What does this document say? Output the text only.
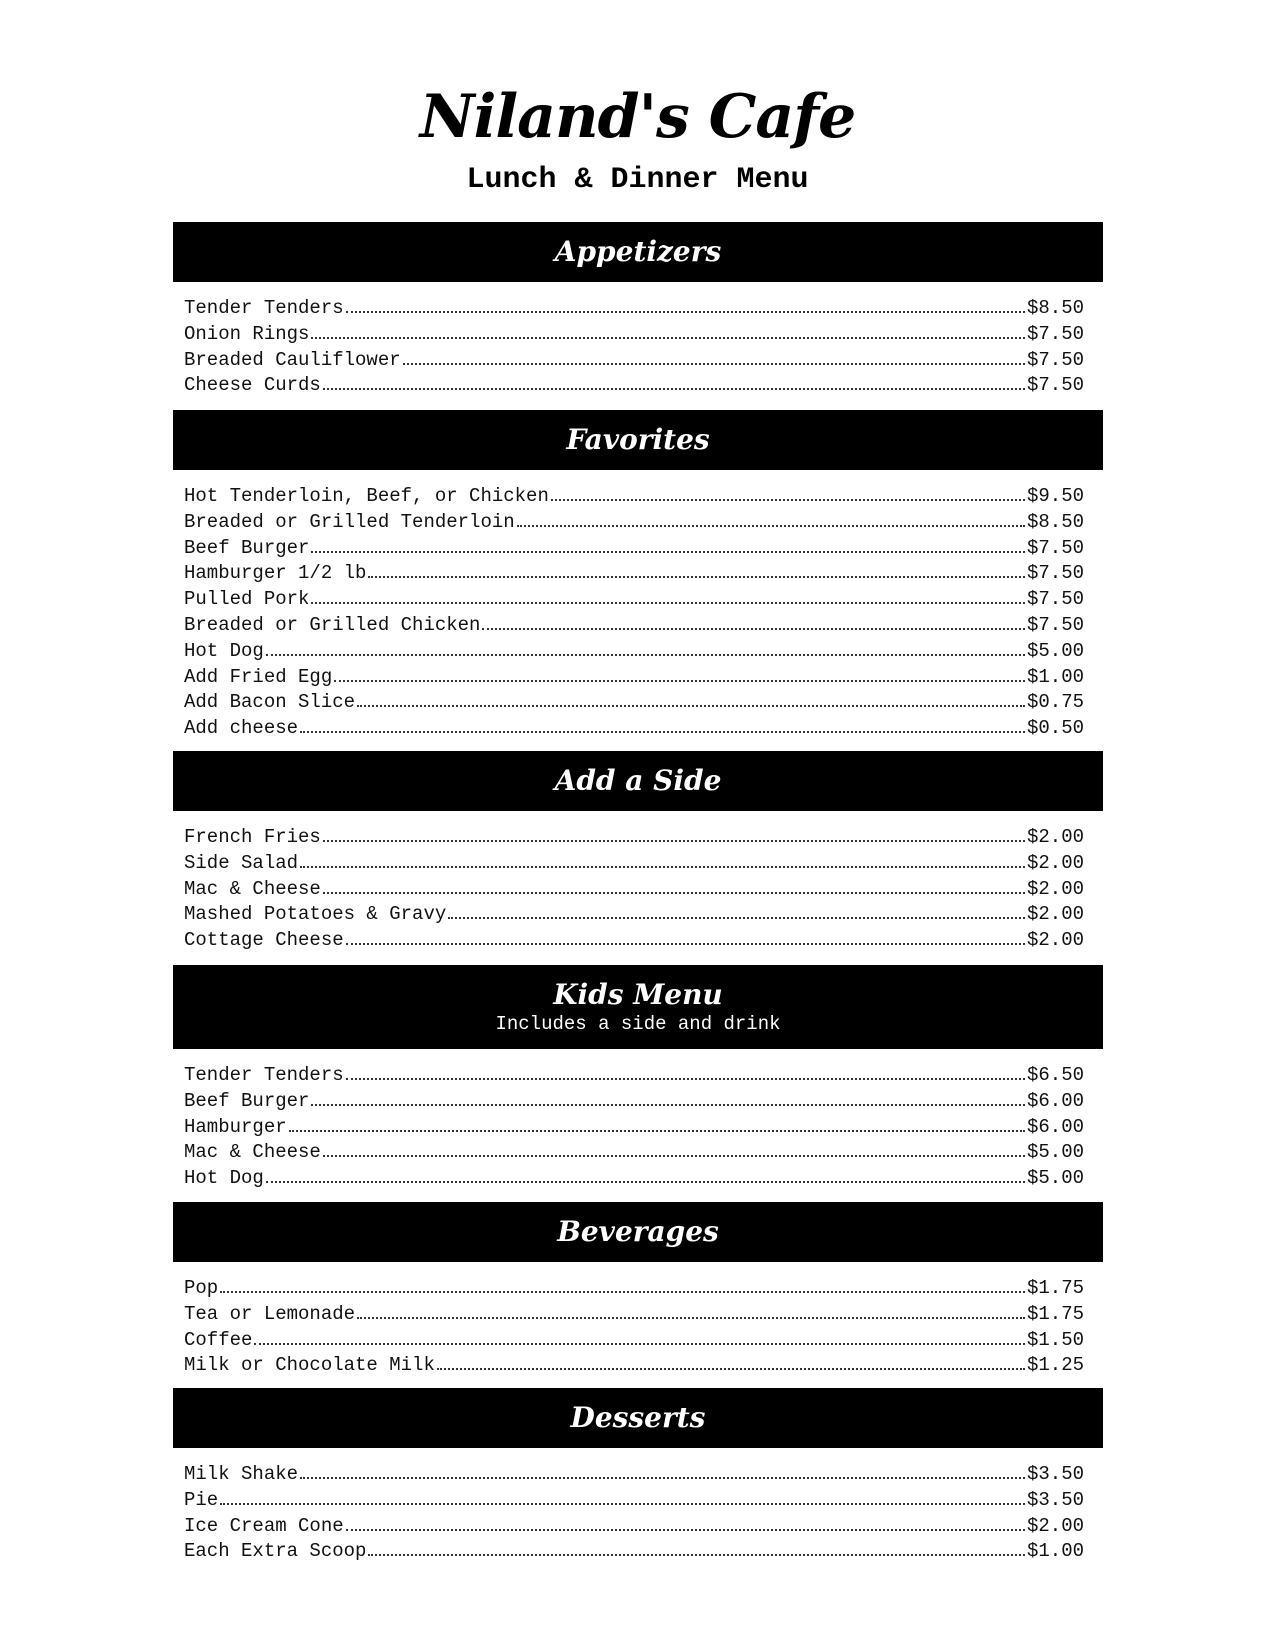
Niland's Cafe
Lunch & Dinner Menu
Appetizers
Tender Tenders	$8.50
Onion Rings	$7.50
Breaded Cauliflower	$7.50
Cheese Curds	$7.50
Favorites
Hot Tenderloin, Beef, or Chicken	$9.50
Breaded or Grilled Tenderloin	$8.50
Beef Burger	$7.50
Hamburger 1/2 lb	$7.50
Pulled Pork	$7.50
Breaded or Grilled Chicken	$7.50
Hot Dog	$5.00
Add Fried Egg	$1.00
Add Bacon Slice	$0.75
Add cheese	$0.50
Add a Side
French Fries	$2.00
Side Salad	$2.00
Mac & Cheese	$2.00
Mashed Potatoes & Gravy	$2.00
Cottage Cheese	$2.00
Kids Menu
Includes a side and drink
Tender Tenders	$6.50
Beef Burger	$6.00
Hamburger	$6.00
Mac & Cheese	$5.00
Hot Dog	$5.00
Beverages
Pop	$1.75
Tea or Lemonade	$1.75
Coffee	$1.50
Milk or Chocolate Milk	$1.25
Desserts
Milk Shake	$3.50
Pie	$3.50
Ice Cream Cone	$2.00
Each Extra Scoop	$1.00
